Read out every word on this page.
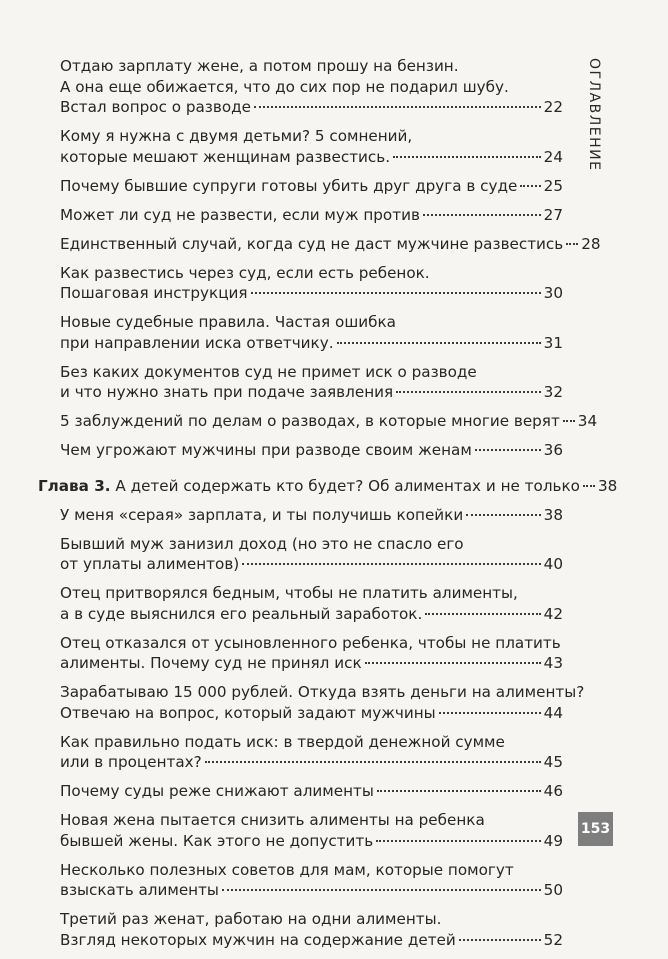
ОГЛАВЛЕНИЕ
Отдаю зарплату жене, а потом прошу на бензин.
А она еще обижается, что до сих пор не подарил шубу.
Встал вопрос о разводе	22
Кому я нужна с двумя детьми? 5 сомнений,
которые мешают женщинам развестись.	24
Почему бывшие супруги готовы убить друг друга в суде 25
Может ли суд не развести, если муж против	27
Единственный случай, когда суд не даст мужчине развестись 28
Как развестись через суд, если есть ребенок.
Пошаговая инструкция	30
Новые судебные правила. Частая ошибка
при направлении иска ответчику.	31
Без каких документов суд не примет иск о разводе
и что нужно знать при подаче заявления	32
5 заблуждений по делам о разводах, в которые многие верят 34
Чем угрожают мужчины при разводе своим женам	36
Глава 3. А детей содержать кто будет? Об алиментах и не только 38
У меня «серая» зарплата, и ты получишь копейки	38
Бывший муж занизил доход (но это не спасло его
от уплаты алиментов)	40
Отец притворялся бедным, чтобы не платить алименты,
а в суде выяснился его реальный заработок.	42
Отец отказался от усыновленного ребенка, чтобы не платить
алименты. Почему суд не принял иск	43
Зарабатываю 15 000 рублей. Откуда взять деньги на алименты?
Отвечаю на вопрос, который задают мужчины	44
Как правильно подать иск: в твердой денежной сумме
или в процентах?	45
Почему суды реже снижают алименты	46
Новая жена пытается снизить алименты на ребенка
бывшей жены. Как этого не допустить	49
Несколько полезных советов для мам, которые помогут
взыскать алименты	50
Третий раз женат, работаю на одни алименты.
Взгляд некоторых мужчин на содержание детей	52
153
